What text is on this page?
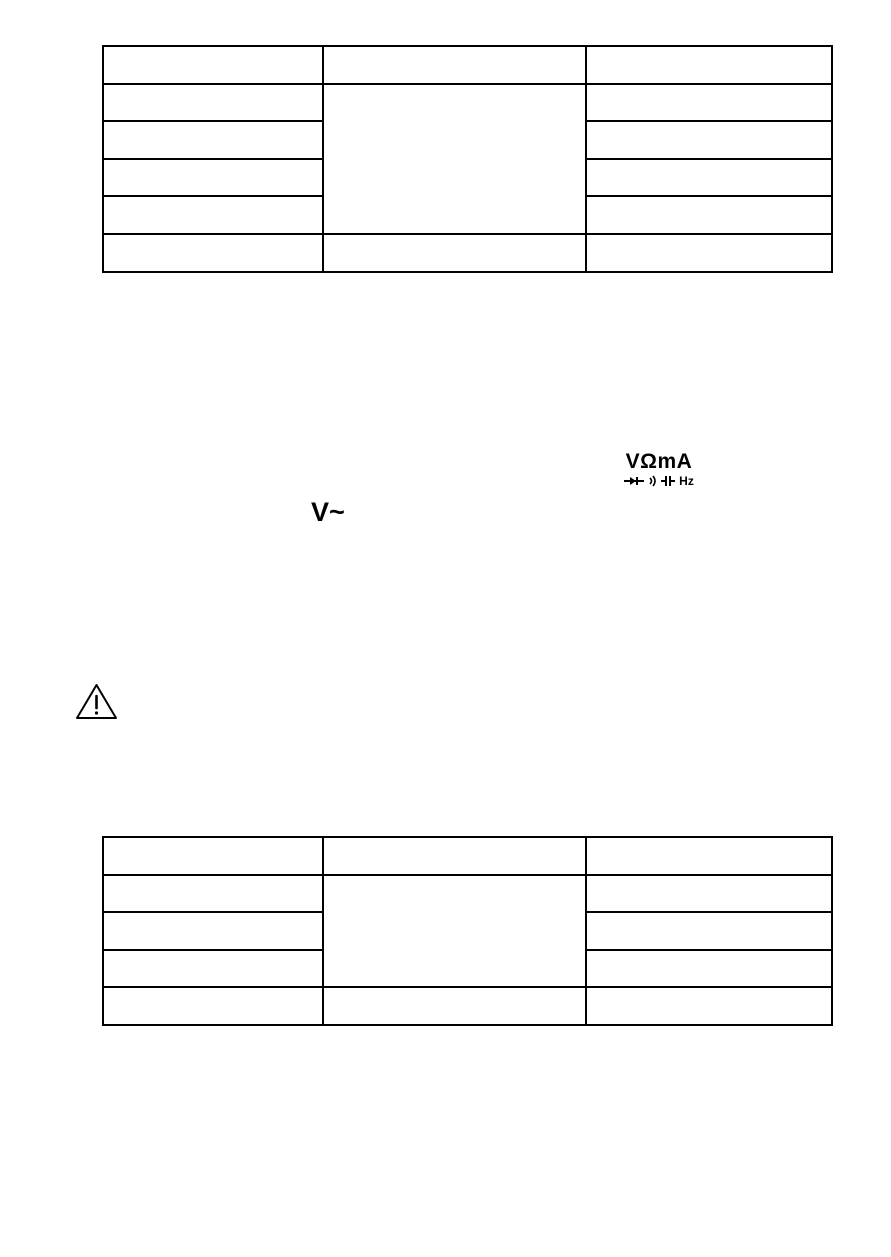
VΩmA
Hz
V~
